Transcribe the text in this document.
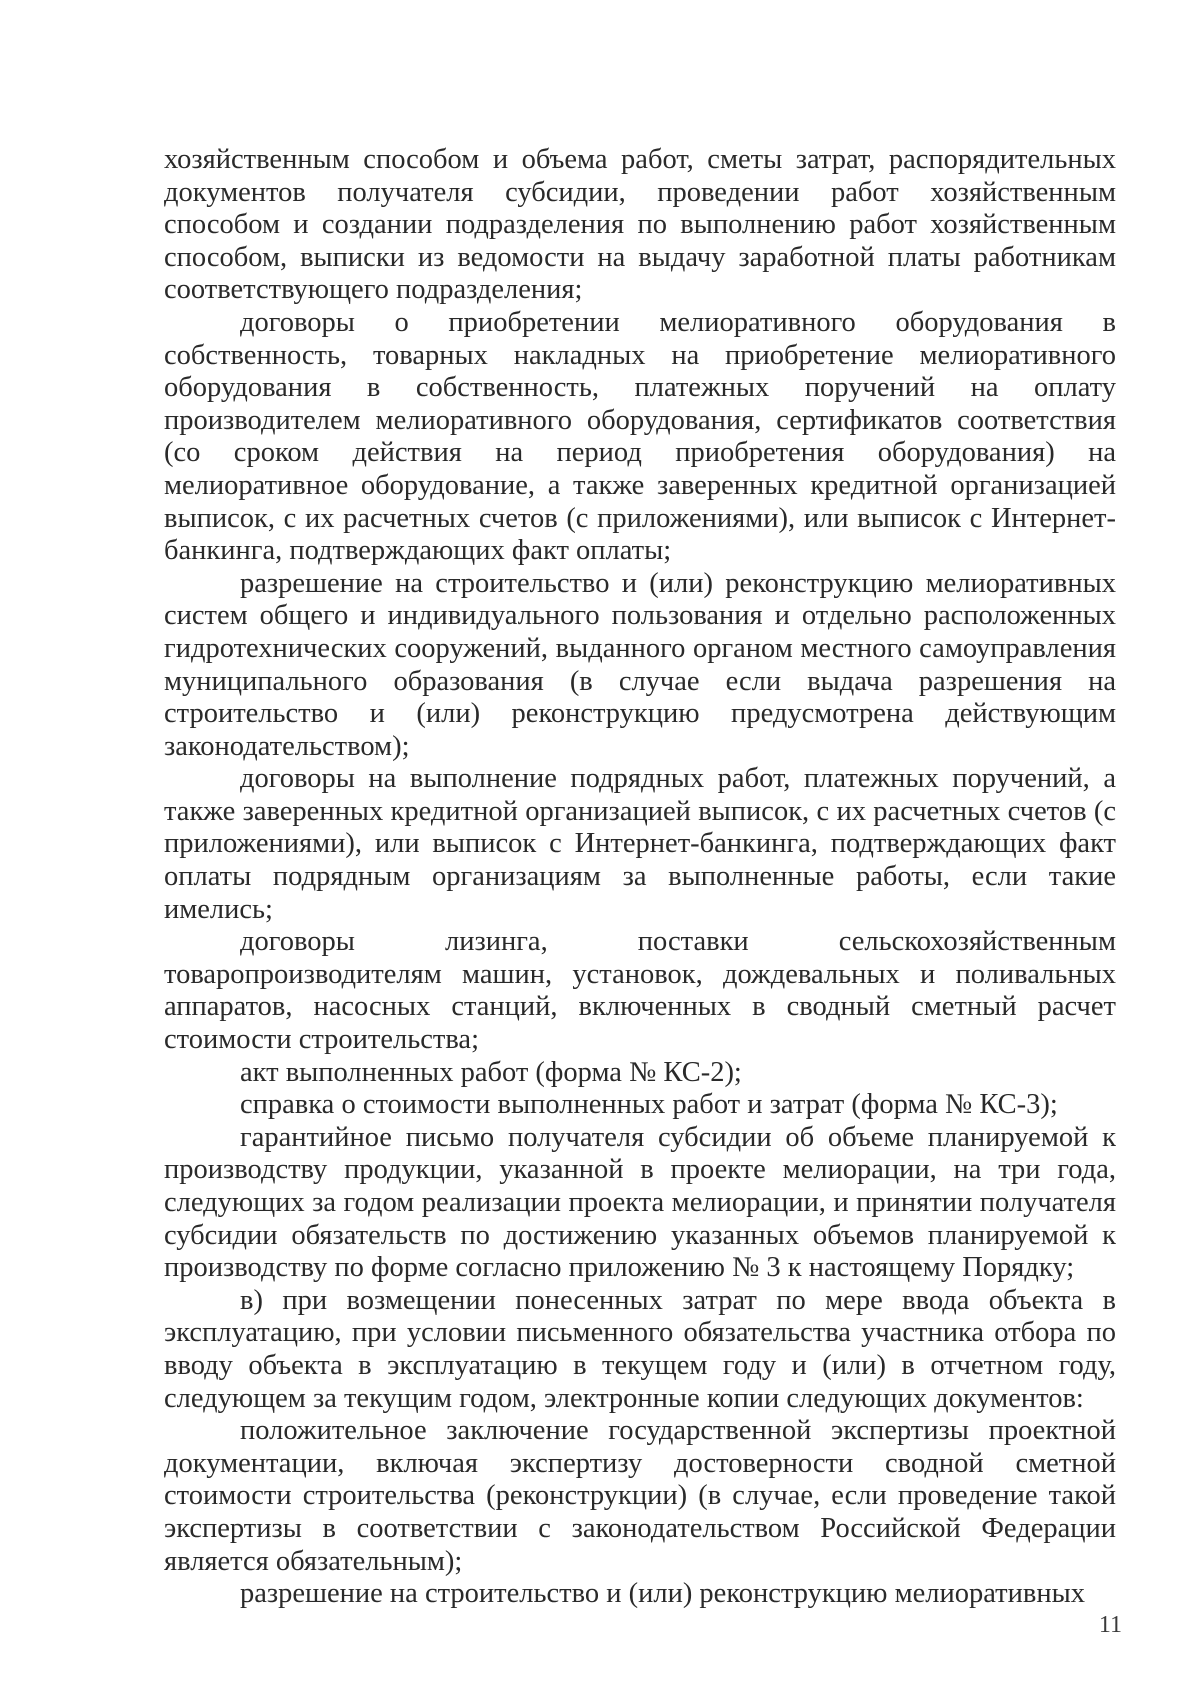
хозяйственным способом и объема работ, сметы затрат, распорядительных документов получателя субсидии, проведении работ хозяйственным способом и создании подразделения по выполнению работ хозяйственным способом, выписки из ведомости на выдачу заработной платы работникам соответствующего подразделения;

договоры о приобретении мелиоративного оборудования в собственность, товарных накладных на приобретение мелиоративного оборудования в собственность, платежных поручений на оплату производителем мелиоративного оборудования, сертификатов соответствия (со сроком действия на период приобретения оборудования) на мелиоративное оборудование, а также заверенных кредитной организацией выписок, с их расчетных счетов (с приложениями), или выписок с Интернет-банкинга, подтверждающих факт оплаты;

разрешение на строительство и (или) реконструкцию мелиоративных систем общего и индивидуального пользования и отдельно расположенных гидротехнических сооружений, выданного органом местного самоуправления муниципального образования (в случае если выдача разрешения на строительство и (или) реконструкцию предусмотрена действующим законодательством);

договоры на выполнение подрядных работ, платежных поручений, а также заверенных кредитной организацией выписок, с их расчетных счетов (с приложениями), или выписок с Интернет-банкинга, подтверждающих факт оплаты подрядным организациям за выполненные работы, если такие имелись;

договоры лизинга, поставки сельскохозяйственным товаропроизводителям машин, установок, дождевальных и поливальных аппаратов, насосных станций, включенных в сводный сметный расчет стоимости строительства;

акт выполненных работ (форма № КС-2);

справка о стоимости выполненных работ и затрат (форма № КС-3);

гарантийное письмо получателя субсидии об объеме планируемой к производству продукции, указанной в проекте мелиорации, на три года, следующих за годом реализации проекта мелиорации, и принятии получателя субсидии обязательств по достижению указанных объемов планируемой к производству по форме согласно приложению № 3 к настоящему Порядку;

в) при возмещении понесенных затрат по мере ввода объекта в эксплуатацию, при условии письменного обязательства участника отбора по вводу объекта в эксплуатацию в текущем году и (или) в отчетном году, следующем за текущим годом, электронные копии следующих документов:

положительное заключение государственной экспертизы проектной документации, включая экспертизу достоверности сводной сметной стоимости строительства (реконструкции) (в случае, если проведение такой экспертизы в соответствии с законодательством Российской Федерации является обязательным);

разрешение на строительство и (или) реконструкцию мелиоративных

11
